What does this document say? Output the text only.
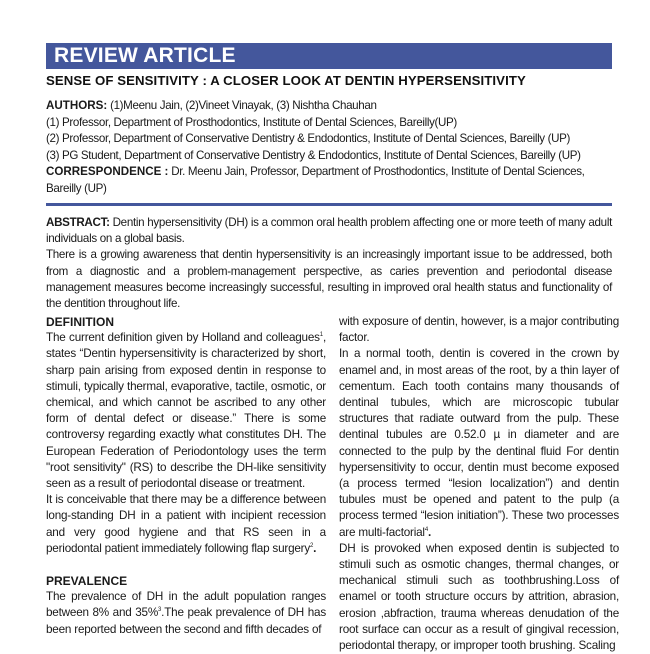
REVIEW ARTICLE
SENSE OF SENSITIVITY : A CLOSER LOOK AT DENTIN HYPERSENSITIVITY
AUTHORS: (1)Meenu Jain, (2)Vineet Vinayak, (3) Nishtha Chauhan
(1) Professor, Department of Prosthodontics, Institute of Dental Sciences, Bareilly(UP)
(2) Professor, Department of Conservative Dentistry & Endodontics, Institute of Dental Sciences, Bareilly (UP)
(3) PG Student, Department of Conservative Dentistry & Endodontics, Institute of Dental Sciences, Bareilly (UP)
CORRESPONDENCE : Dr. Meenu Jain, Professor, Department of Prosthodontics, Institute of Dental Sciences, Bareilly (UP)

ABSTRACT: Dentin hypersensitivity (DH) is a common oral health problem affecting one or more teeth of many adult individuals on a global basis.

There is a growing awareness that dentin hypersensitivity is an increasingly important issue to be addressed, both from a diagnostic and a problem-management perspective, as caries prevention and periodontal disease management measures become increasingly successful, resulting in improved oral health status and functionality of the dentition throughout life.

DEFINITION

The current definition given by Holland and colleagues$^1$, states “Dentin hypersensitivity is characterized by short, sharp pain arising from exposed dentin in response to stimuli, typically thermal, evaporative, tactile, osmotic, or chemical, and which cannot be ascribed to any other form of dental defect or disease.” There is some controversy regarding exactly what constitutes DH. The European Federation of Periodontology uses the term "root sensitivity" (RS) to describe the DH-like sensitivity seen as a result of periodontal disease or treatment.

It is conceivable that there may be a difference between long-standing DH in a patient with incipient recession and very good hygiene and that RS seen in a periodontal patient immediately following flap surgery$^2$.

PREVALENCE

The prevalence of DH in the adult population ranges between 8% and 35%$^3$.The peak prevalence of DH has been reported between the second and fifth decades of

with exposure of dentin, however, is a major contributing factor.

In a normal tooth, dentin is covered in the crown by enamel and, in most areas of the root, by a thin layer of cementum. Each tooth contains many thousands of dentinal tubules, which are microscopic tubular structures that radiate outward from the pulp. These dentinal tubules are 0.52.0 µ in diameter and are connected to the pulp by the dentinal fluid For dentin hypersensitivity to occur, dentin must become exposed (a process termed “lesion localization”) and dentin tubules must be opened and patent to the pulp (a process termed “lesion initiation”). These two processes are multi-factorial$^4$.

DH is provoked when exposed dentin is subjected to stimuli such as osmotic changes, thermal changes, or mechanical stimuli such as toothbrushing.Loss of enamel or tooth structure occurs by attrition, abrasion, erosion ,abfraction, trauma whereas denudation of the root surface can occur as a result of gingival recession, periodontal therapy, or improper tooth brushing. Scaling
